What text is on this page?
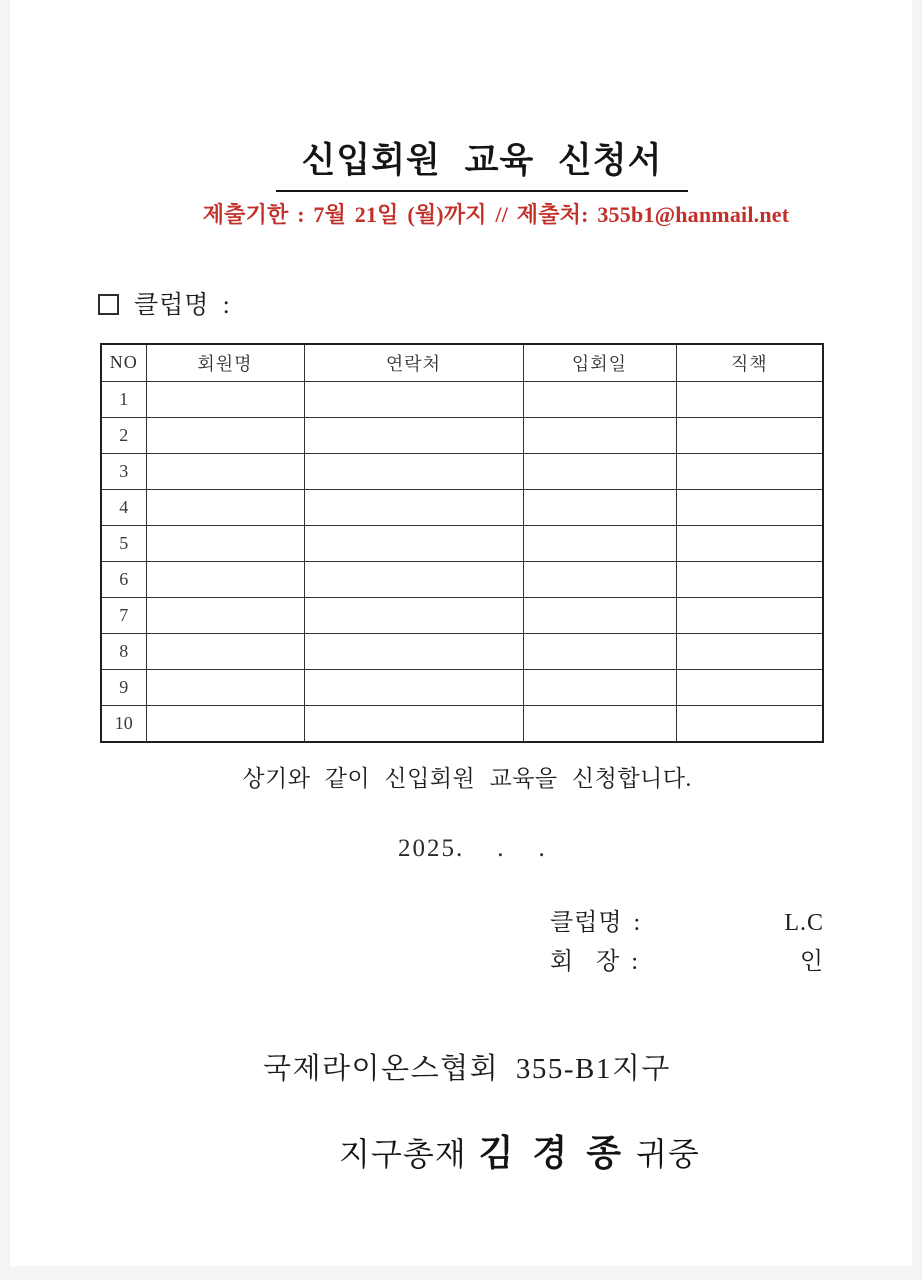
신입회원 교육 신청서
제출기한 : 7월 21일 (월)까지 // 제출처: 355b1@hanmail.net
클럽명 :
NO	회원명	연락처	입회일	직책
1				
2				
3				
4				
5				
6				
7				
8				
9				
10				
상기와 같이 신입회원 교육을 신청합니다.
2025.    .    .
클럽명 :	L.C
회  장 :	인
국제라이온스협회 355-B1지구

지구총재 김 경 종 귀중
